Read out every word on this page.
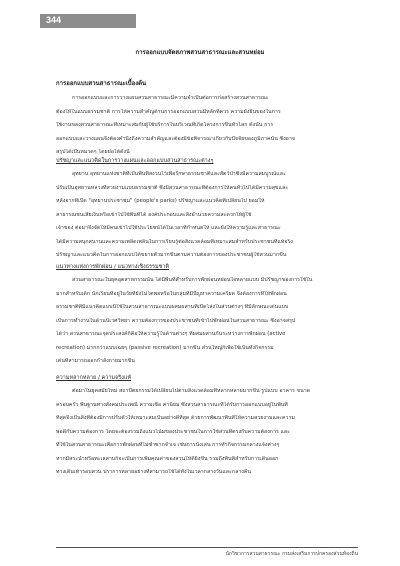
344
การออกแบบจัดสภาพสวนสาธารณะและสวนหย่อม
การออกแบบสวนสาธารณะเบื้องต้น
ปรัชญาและแนวคิดในการวางแผนและออกแบบสวนสาธารณะต่างๆ
แนวทางแห่งการพักผ่อน / แนวทางเชิงธรรมชาติ
ความหลากหลาย / ความจริงแท้
นักวิชาการสวนสาธารณะ กรมส่งเสริมการปกครองส่วนท้องถิ่น
การออกแบบและการวางแผนสวนสาธารณะมีความจำเป็นต่อการก่อสร้างสวนสาธารณะ
ต้องให้ในแบบธรรมชาติ การให้ความสำคัญด้านการออกแบบสวนมีหลักที่ควร ความยั่งยืนของในการ
ใช้งานของสวนสาธารณะที่เหมาะสมกับผู้ใช้บริการในบริเวณที่เกิดโครงการขึ้นทั่วโลก ดังนั้น การ
ออกแบบและวางแผนจึงต้องคำนึงถึงความสำคัญและต้องมีข้อพิจารณาเกี่ยวกับปัจจัยของภูมิภาคนั้น ซึ่งอาจ
สรุปได้เป็นหมวดๆ โดยย่อได้ดังนี้
อุทยาน อุทยานแห่งชาติที่เป็นพื้นที่สงวนไว้เพื่อรักษาธรรมชาติและสัตว์ป่าซึ่งมีความสมบูรณ์และ
ปรับเป็นอุทยานหลวงที่สวยงามแบบธรรมชาติ ซึ่งมีสวนสาธารณะที่ต้องการให้คนทั่วไปได้มีความสุขและ
หลังจากที่เปิด "อุทยานประชาชน" (people's parks) ปรัชญาและแนวคิดที่เปลี่ยนไป ยอมให้
สาธารณชนเสียเงินหรือเข้าไปใช้พื้นที่ได้ องค์ประกอบและสิ่งอำนวยความสะดวกให้ผู้ใช้
เจ้าของ ต่อมาจึงจัดให้มีคนเข้าไปใช้ประโยชน์ได้ในเวลาที่กำหนดให้ และยังให้ความรู้และสาธารณะ
ได้มีความสนุกสนานและความเพลิดเพลินในการเรียนรู้ต่อสิ่งแวดล้อมที่เหมาะสมสำหรับประชาชนที่แท้จริง
ปรัชญาและแนวคิดในการออกแบบได้ขยายตัวมากขึ้นตามความต้องการของประชาชนผู้ใช้สวนมากขึ้น
สวนสาธารณะในยุคอุตสาหกรรมนั้น ได้มีพื้นที่สำหรับการพักผ่อนหย่อนใจหลายแบบ มีปรัชญาของการใช้ใน
มากสำหรับเด็ก นักเรียนที่อยู่ในวัยที่ยังไม่โตพอหรือในกลุ่มที่มีปัญหาความเครียด จึงต้องการที่ให้พักผ่อน
ธรรมชาติที่มีแนวคิดแบบนี้ใช้ในสวนสาธารณะแบบผสมผสานที่เปิดโล่งในส่วนต่างๆ ที่มีลักษณะเด่นแบบ
เป็นการทำงานในด้านนิเวศวิทยา ความต้องการของประชาชนที่เข้าไปพักผ่อนในสวนสาธารณะ ซึ่งอาจสรุป
ได้ว่า สวนสาธารณะจุดประสงค์ก็คือให้ความรู้ในด้านต่างๆ ที่ผสมผสานกันระหว่างการพักผ่อน (active
recreation) มากกว่าแบบเฉยๆ (passive recreation) มากขึ้น ส่วนใหญ่ก็เพื่อใช้เป็นทั้งกิจกรรม
เด่นที่สามารถออกกำลังกายมากขึ้น
ต่อมาในยุคสมัยใหม่ สถาปัตยกรรมได้เปลี่ยนไปตามสิ่งแวดล้อมที่หลากหลายมากขึ้น รูปแบบ อาคาร ขนาด
ครอบครัว พื้นฐานทางสังคมประเพณี ความเชื่อ ค่านิยม ซึ่งสวนสาธารณะที่ได้รับการออกแบบอยู่ในพื้นที่
ที่สุดจึงเป็นสิ่งที่ต้องมีการปรับตัวให้เหมาะสมเป็นอย่างดีที่สุด ด้วยการพัฒนาพื้นที่ให้ความสวยงามและความ
พอดีกับความต้องการ โดยจะต้องรวมถึงแนวโน้มของประชาชนในการใช้สวนที่ตรงกับความต้องการ และ
ที่ใช้ในสวนสาธารณะเพื่อการพักผ่อนที่ไม่ซ้ำซากจำเจ เช่นการนั่งเล่น การทำกิจกรรมกลางแจ้งต่างๆ
หากมีสระน้ำหรือทะเลสาบก็จะเป็นการเพิ่มคุณค่าของสวนให้ดียิ่งขึ้น รวมถึงพื้นที่สำหรับการเดินออก
ทางเดินเท้ารอบสวน ปราการหลายอย่างที่สามารถใช้ได้ทั้งในเวลากลางวันและกลางคืน
